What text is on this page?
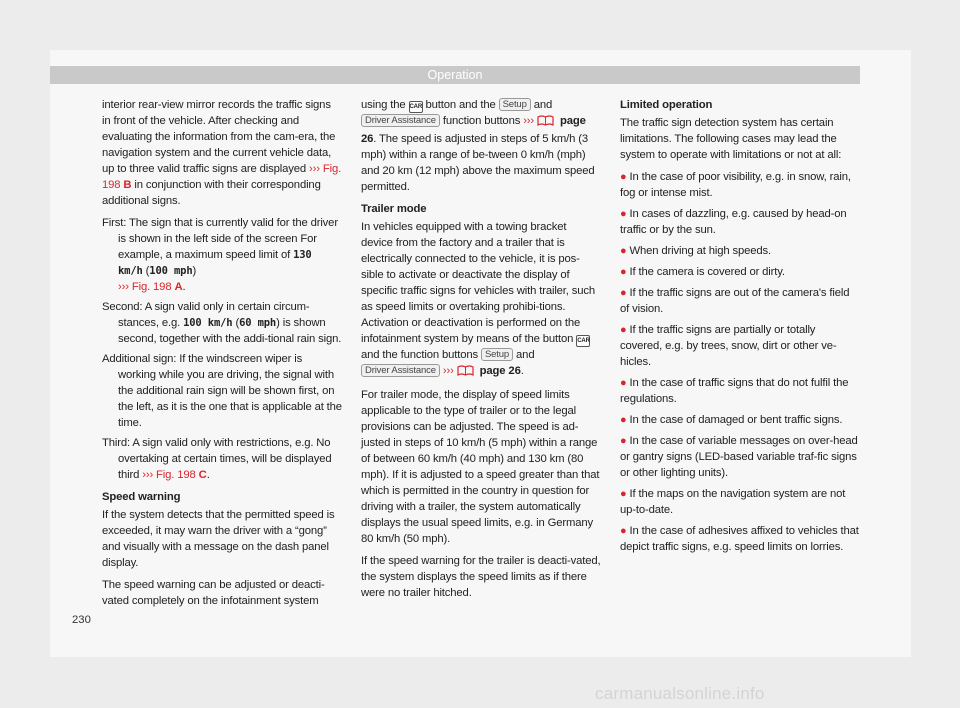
Operation

interior rear-view mirror records the traffic signs in front of the vehicle. After checking and evaluating the information from the cam-era, the navigation system and the current vehicle data, up to three valid traffic signs are displayed ››› Fig. 198 B in conjunction with their corresponding additional signs.

First: The sign that is currently valid for the driver is shown in the left side of the screen For example, a maximum speed limit of 130 km/h (100 mph)
››› Fig. 198 A.
Second: A sign valid only in certain circum-stances, e.g. 100 km/h (60 mph) is shown second, together with the addi-tional rain sign.
Additional sign: If the windscreen wiper is working while you are driving, the signal with the additional rain sign will be shown first, on the left, as it is the one that is applicable at the time.
Third: A sign valid only with restrictions, e.g. No overtaking at certain times, will be displayed third ››› Fig. 198 C.
Speed warning

If the system detects that the permitted speed is exceeded, it may warn the driver with a “gong” and visually with a message on the dash panel display.

The speed warning can be adjusted or deacti-vated completely on the infotainment system

using the CAR button and the Setup and Driver Assistance function buttons ››› page 26. The speed is adjusted in steps of 5 km/h (3 mph) within a range of be-tween 0 km/h (mph) and 20 km (12 mph) above the maximum speed permitted.

Trailer mode

In vehicles equipped with a towing bracket device from the factory and a trailer that is electrically connected to the vehicle, it is pos-sible to activate or deactivate the display of specific traffic signs for vehicles with trailer, such as speed limits or overtaking prohibi-tions. Activation or deactivation is performed on the infotainment system by means of the button CAR and the function buttons Setup and Driver Assistance ››› page 26.

For trailer mode, the display of speed limits applicable to the type of trailer or to the legal provisions can be adjusted. The speed is ad-justed in steps of 10 km/h (5 mph) within a range of between 60 km/h (40 mph) and 130 km (80 mph). If it is adjusted to a speed greater than that which is permitted in the country in question for driving with a trailer, the system automatically displays the usual speed limits, e.g. in Germany 80 km/h (50 mph).

If the speed warning for the trailer is deacti-vated, the system displays the speed limits as if there were no trailer hitched.

Limited operation

The traffic sign detection system has certain limitations. The following cases may lead the system to operate with limitations or not at all:

● In the case of poor visibility, e.g. in snow, rain, fog or intense mist.

● In cases of dazzling, e.g. caused by head-on traffic or by the sun.

● When driving at high speeds.

● If the camera is covered or dirty.

● If the traffic signs are out of the camera's field of vision.

● If the traffic signs are partially or totally covered, e.g. by trees, snow, dirt or other ve-hicles.

● In the case of traffic signs that do not fulfil the regulations.

● In the case of damaged or bent traffic signs.

● In the case of variable messages on over-head or gantry signs (LED-based variable traf-fic signs or other lighting units).

● If the maps on the navigation system are not up-to-date.

● In the case of adhesives affixed to vehicles that depict traffic signs, e.g. speed limits on lorries.

230
carmanualsonline.info
